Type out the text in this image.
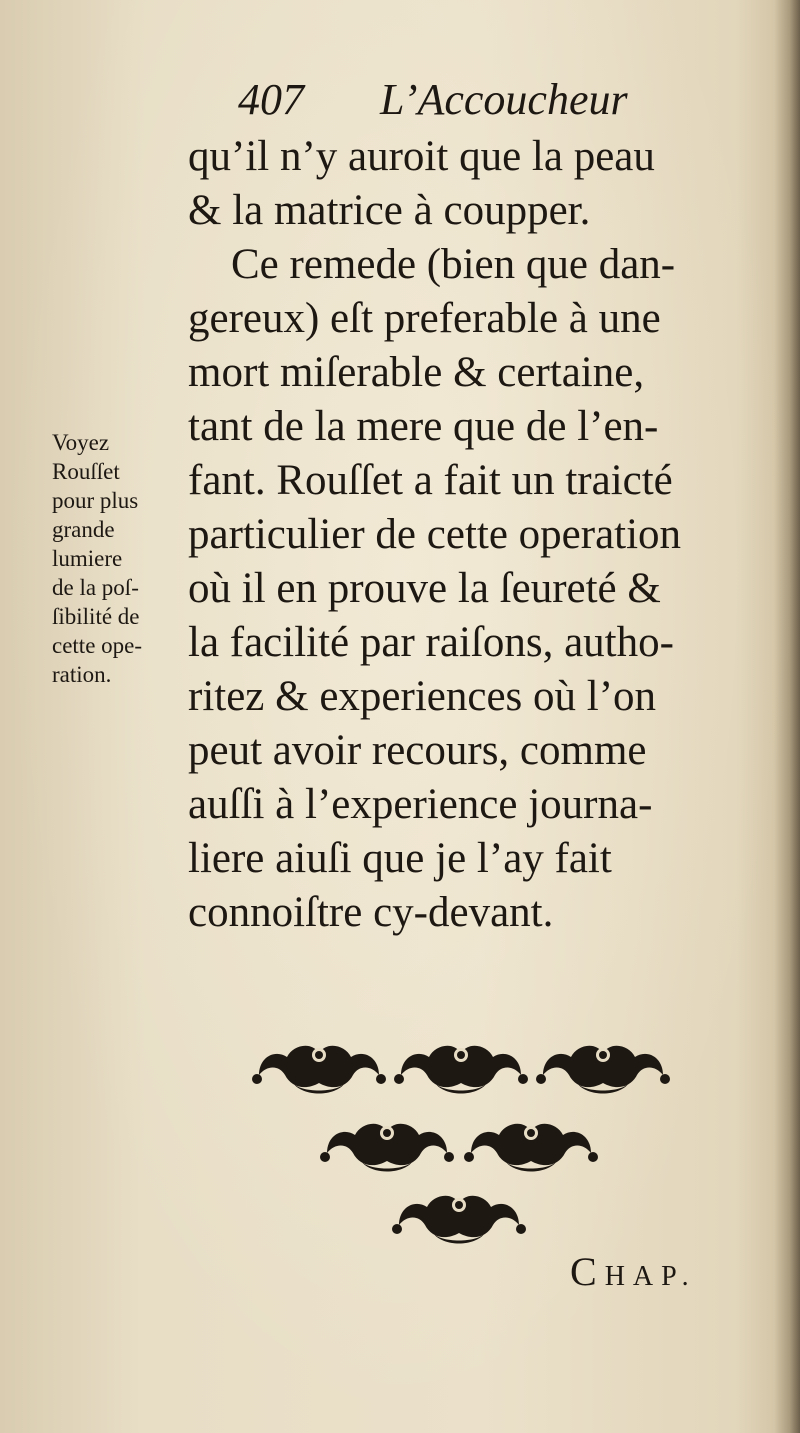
407 L’Accoucheur
qu’il n’y auroit que la peau
& la matrice à coupper.
Ce remede (bien que dan-
gereux) eſt preferable à une
mort miſerable & certaine,
tant de la mere que de l’en-
fant. Rouſſet a fait un traicté
particulier de cette operation
où il en prouve la ſeureté &
la facilité par raiſons, autho-
ritez & experiences où l’on
peut avoir recours, comme
auſſi à l’experience journa-
liere aiuſi que je l’ay fait
connoiſtre cy-devant.
Voyez
Rouſſet
pour plus
grande
lumiere
de la poſ-
ſibilité de
cette ope-
ration.
CHAP.
